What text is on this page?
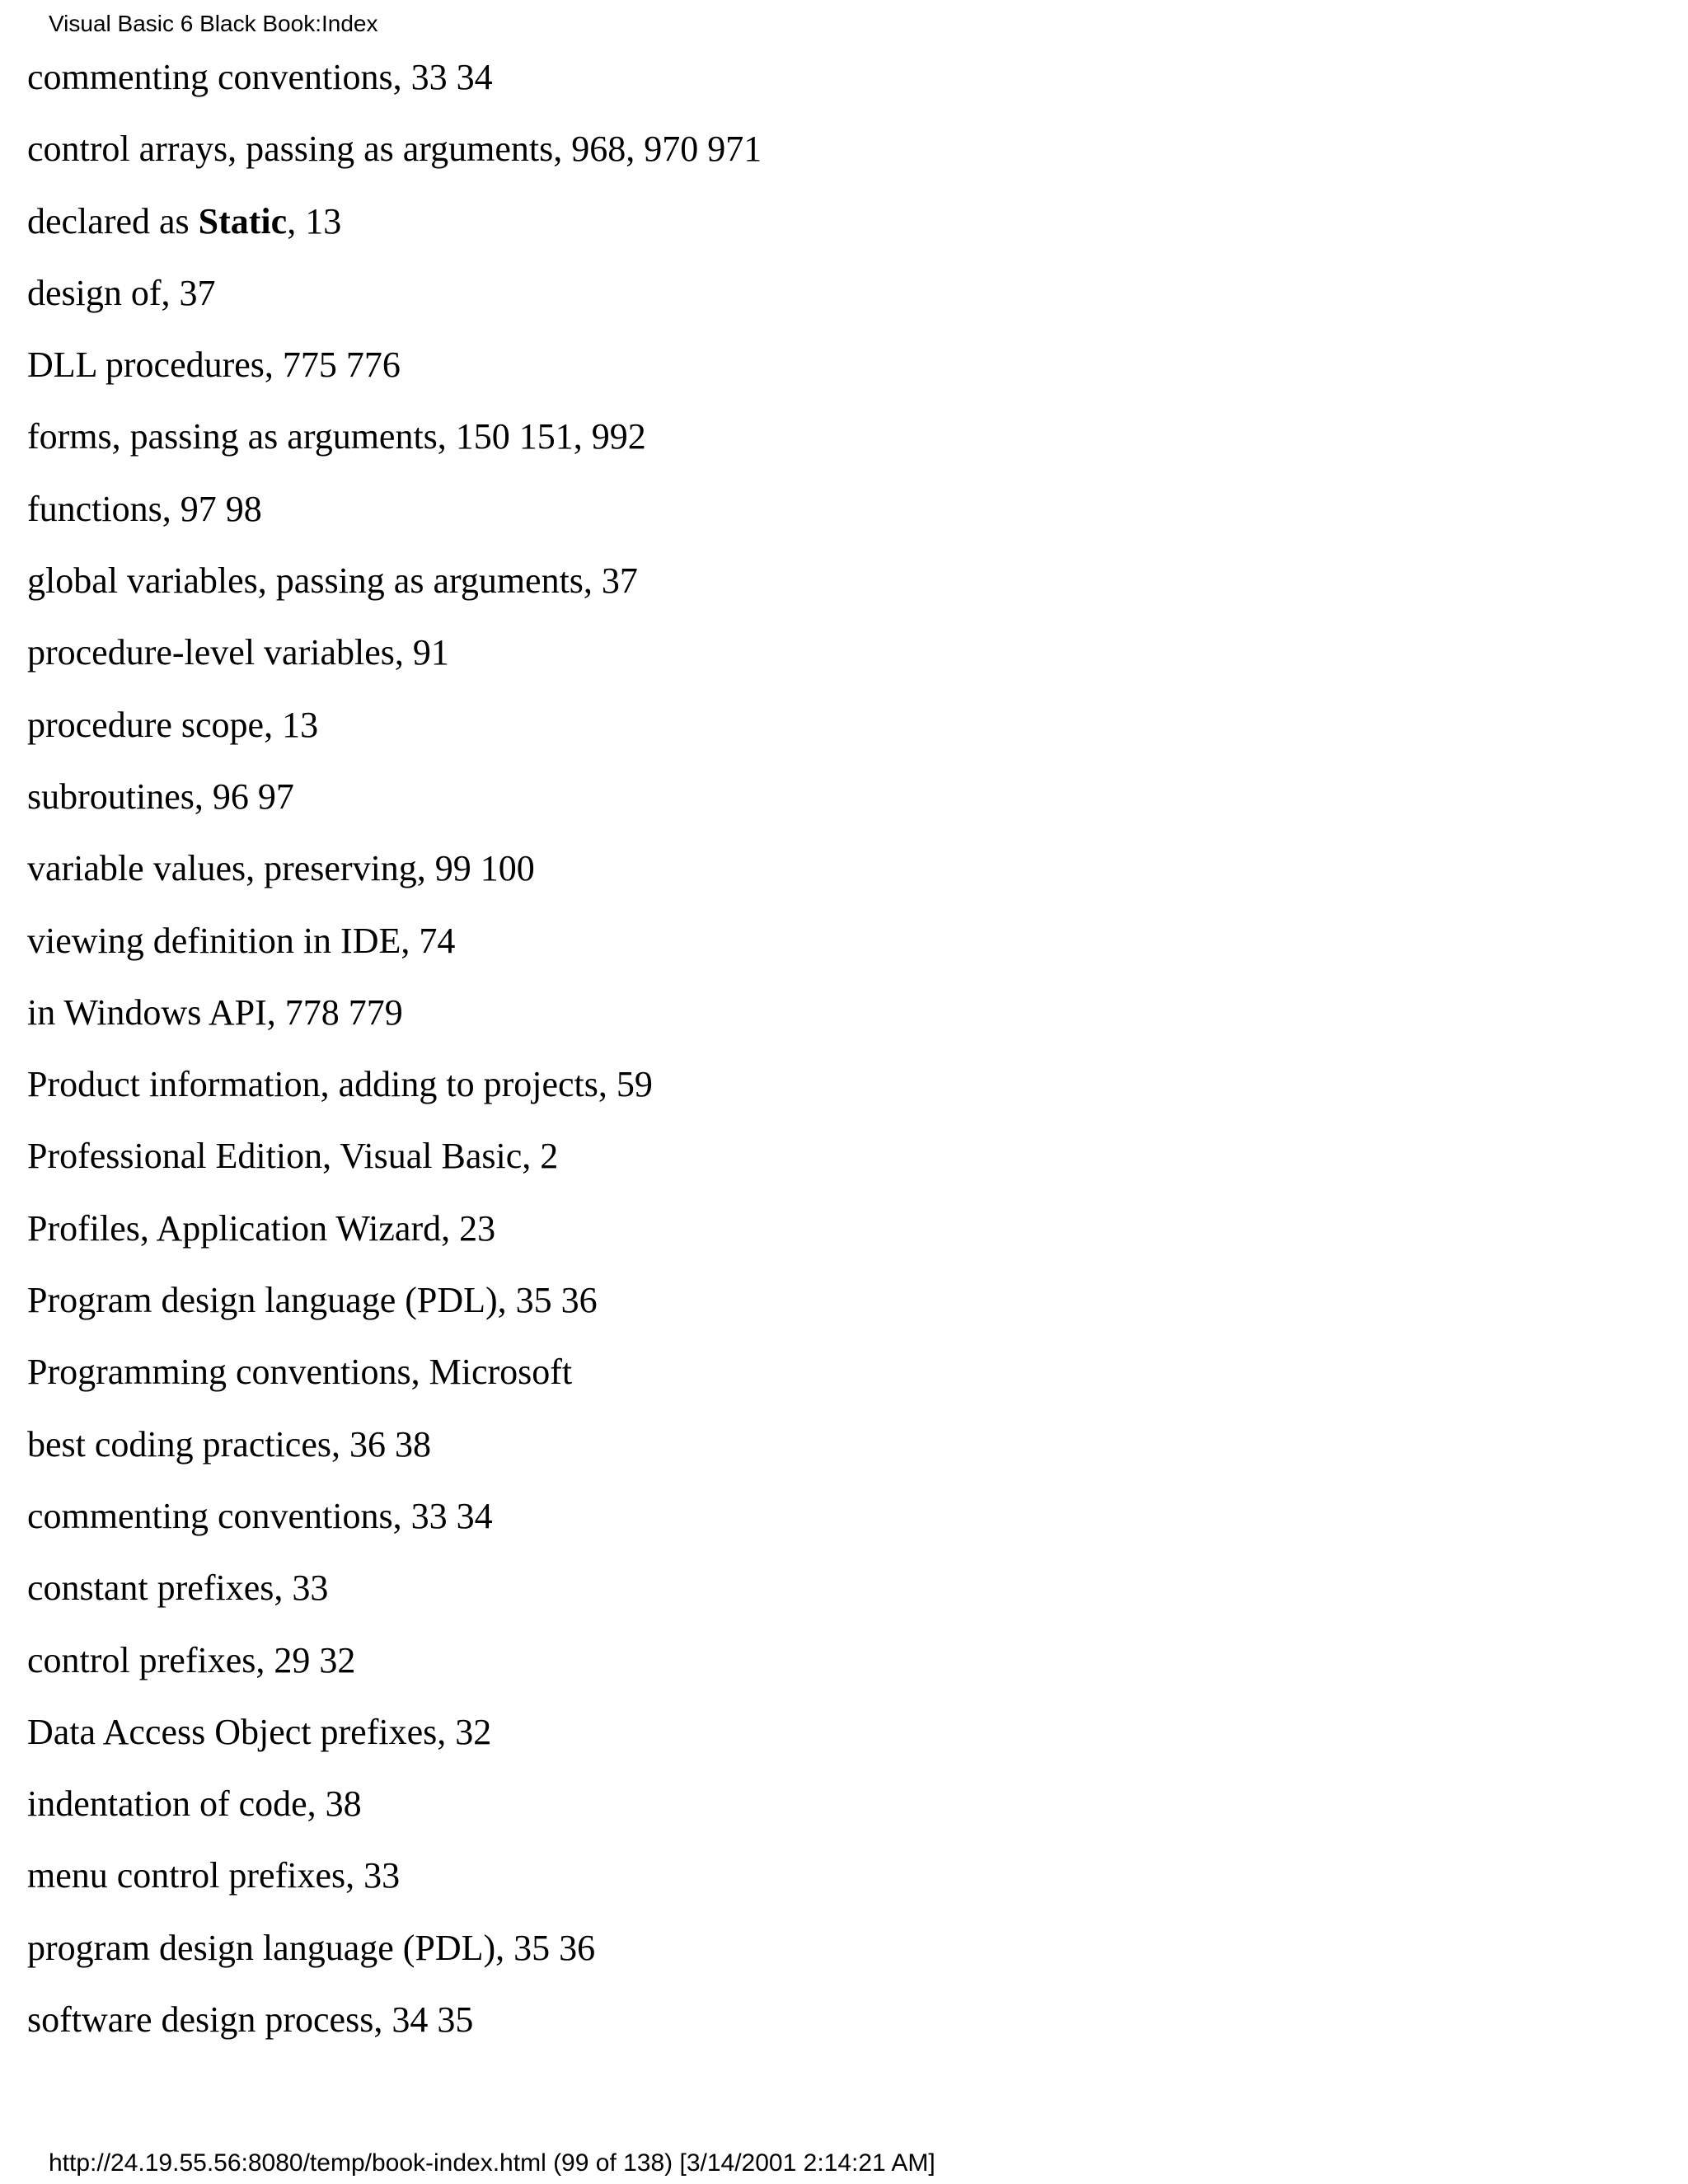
Visual Basic 6 Black Book:Index
commenting conventions, 33 34
control arrays, passing as arguments, 968, 970 971
declared as Static, 13
design of, 37
DLL procedures, 775 776
forms, passing as arguments, 150 151, 992
functions, 97 98
global variables, passing as arguments, 37
procedure-level variables, 91
procedure scope, 13
subroutines, 96 97
variable values, preserving, 99 100
viewing definition in IDE, 74
in Windows API, 778 779
Product information, adding to projects, 59
Professional Edition, Visual Basic, 2
Profiles, Application Wizard, 23
Program design language (PDL), 35 36
Programming conventions, Microsoft
best coding practices, 36 38
commenting conventions, 33 34
constant prefixes, 33
control prefixes, 29 32
Data Access Object prefixes, 32
indentation of code, 38
menu control prefixes, 33
program design language (PDL), 35 36
software design process, 34 35
http://24.19.55.56:8080/temp/book-index.html (99 of 138) [3/14/2001 2:14:21 AM]
